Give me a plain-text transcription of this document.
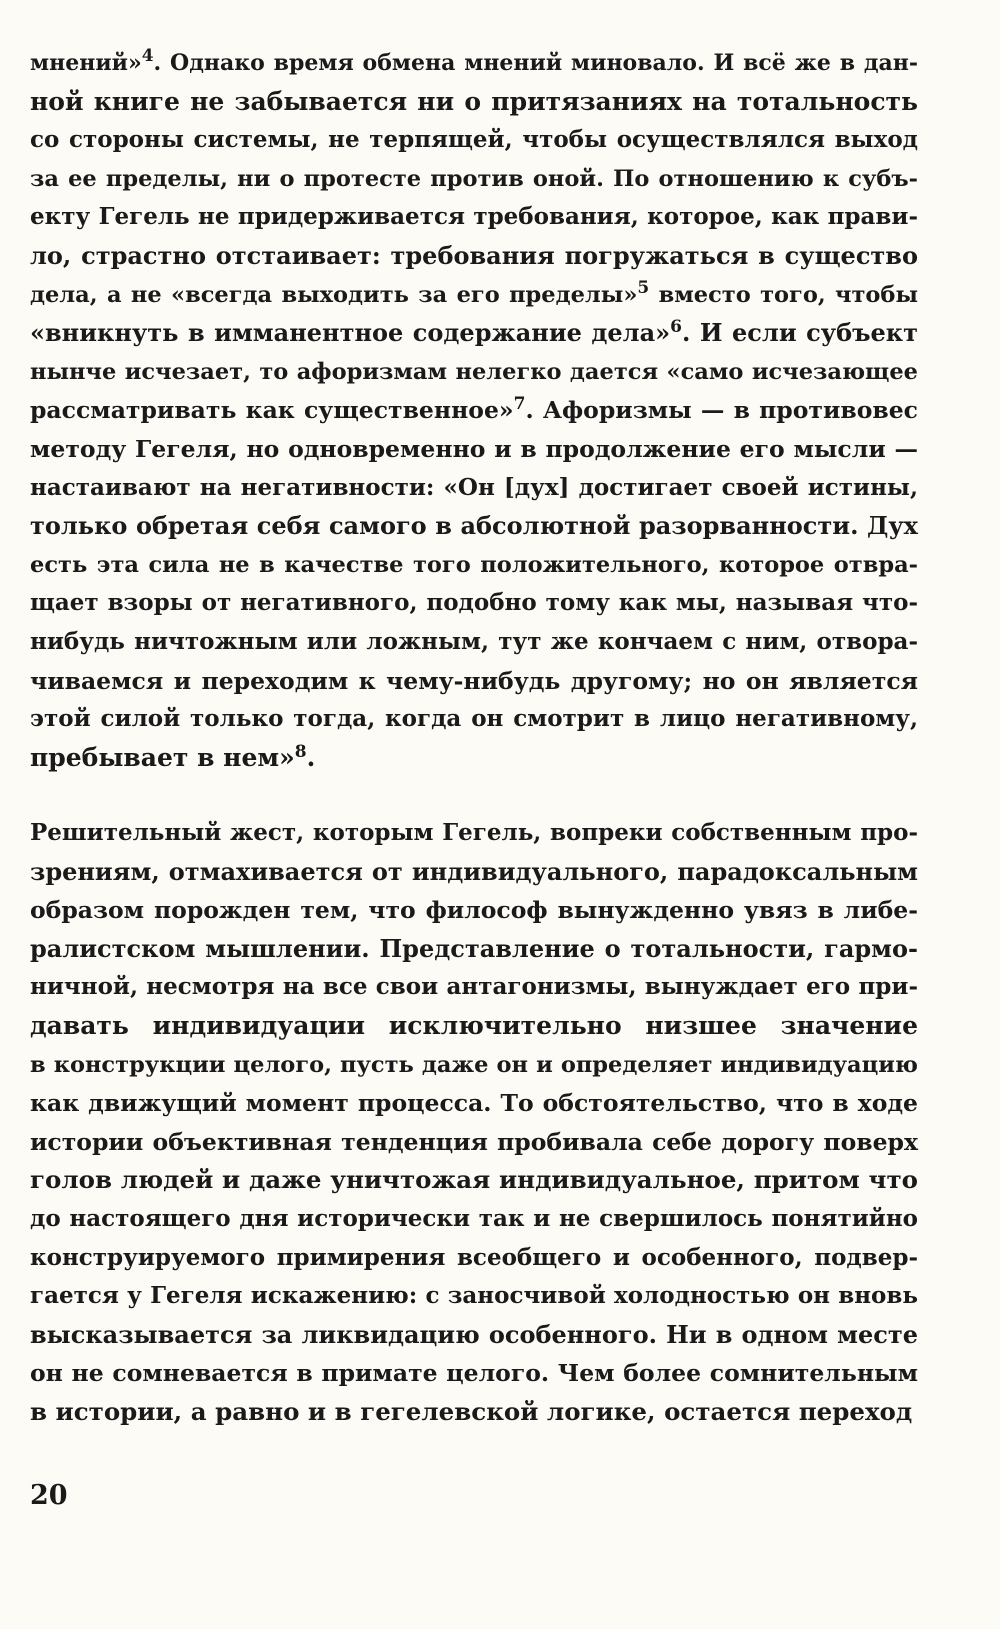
мнений»$^4$. Однако время обмена мнений миновало. И всё же в дан-
ной книге не забывается ни о притязаниях на тотальность
со стороны системы, не терпящей, чтобы осуществлялся выход
за ее пределы, ни о протесте против оной. По отношению к субъ-
екту Гегель не придерживается требования, которое, как прави-
ло, страстно отстаивает: требования погружаться в существо
дела, а не «всегда выходить за его пределы»$^5$ вместо того, чтобы
«вникнуть в имманентное содержание дела»$^6$. И если субъект
нынче исчезает, то афоризмам нелегко дается «само исчезающее
рассматривать как существенное»$^7$. Афоризмы — в противовес
методу Гегеля, но одновременно и в продолжение его мысли —
настаивают на негативности: «Он [дух] достигает своей истины,
только обретая себя самого в абсолютной разорванности. Дух
есть эта сила не в качестве того положительного, которое отвра-
щает взоры от негативного, подобно тому как мы, называя что-
нибудь ничтожным или ложным, тут же кончаем с ним, отвора-
чиваемся и переходим к чему-нибудь другому; но он является
этой силой только тогда, когда он смотрит в лицо негативному,
пребывает в нем»$^8$.
Решительный жест, которым Гегель, вопреки собственным про-
зрениям, отмахивается от индивидуального, парадоксальным
образом порожден тем, что философ вынужденно увяз в либе-
ралистском мышлении. Представление о тотальности, гармо-
ничной, несмотря на все свои антагонизмы, вынуждает его при-
давать индивидуации исключительно низшее значение
в конструкции целого, пусть даже он и определяет индивидуацию
как движущий момент процесса. То обстоятельство, что в ходе
истории объективная тенденция пробивала себе дорогу поверх
голов людей и даже уничтожая индивидуальное, притом что
до настоящего дня исторически так и не свершилось понятийно
конструируемого примирения всеобщего и особенного, подвер-
гается у Гегеля искажению: с заносчивой холодностью он вновь
высказывается за ликвидацию особенного. Ни в одном месте
он не сомневается в примате целого. Чем более сомнительным
в истории, а равно и в гегелевской логике, остается переход
20
